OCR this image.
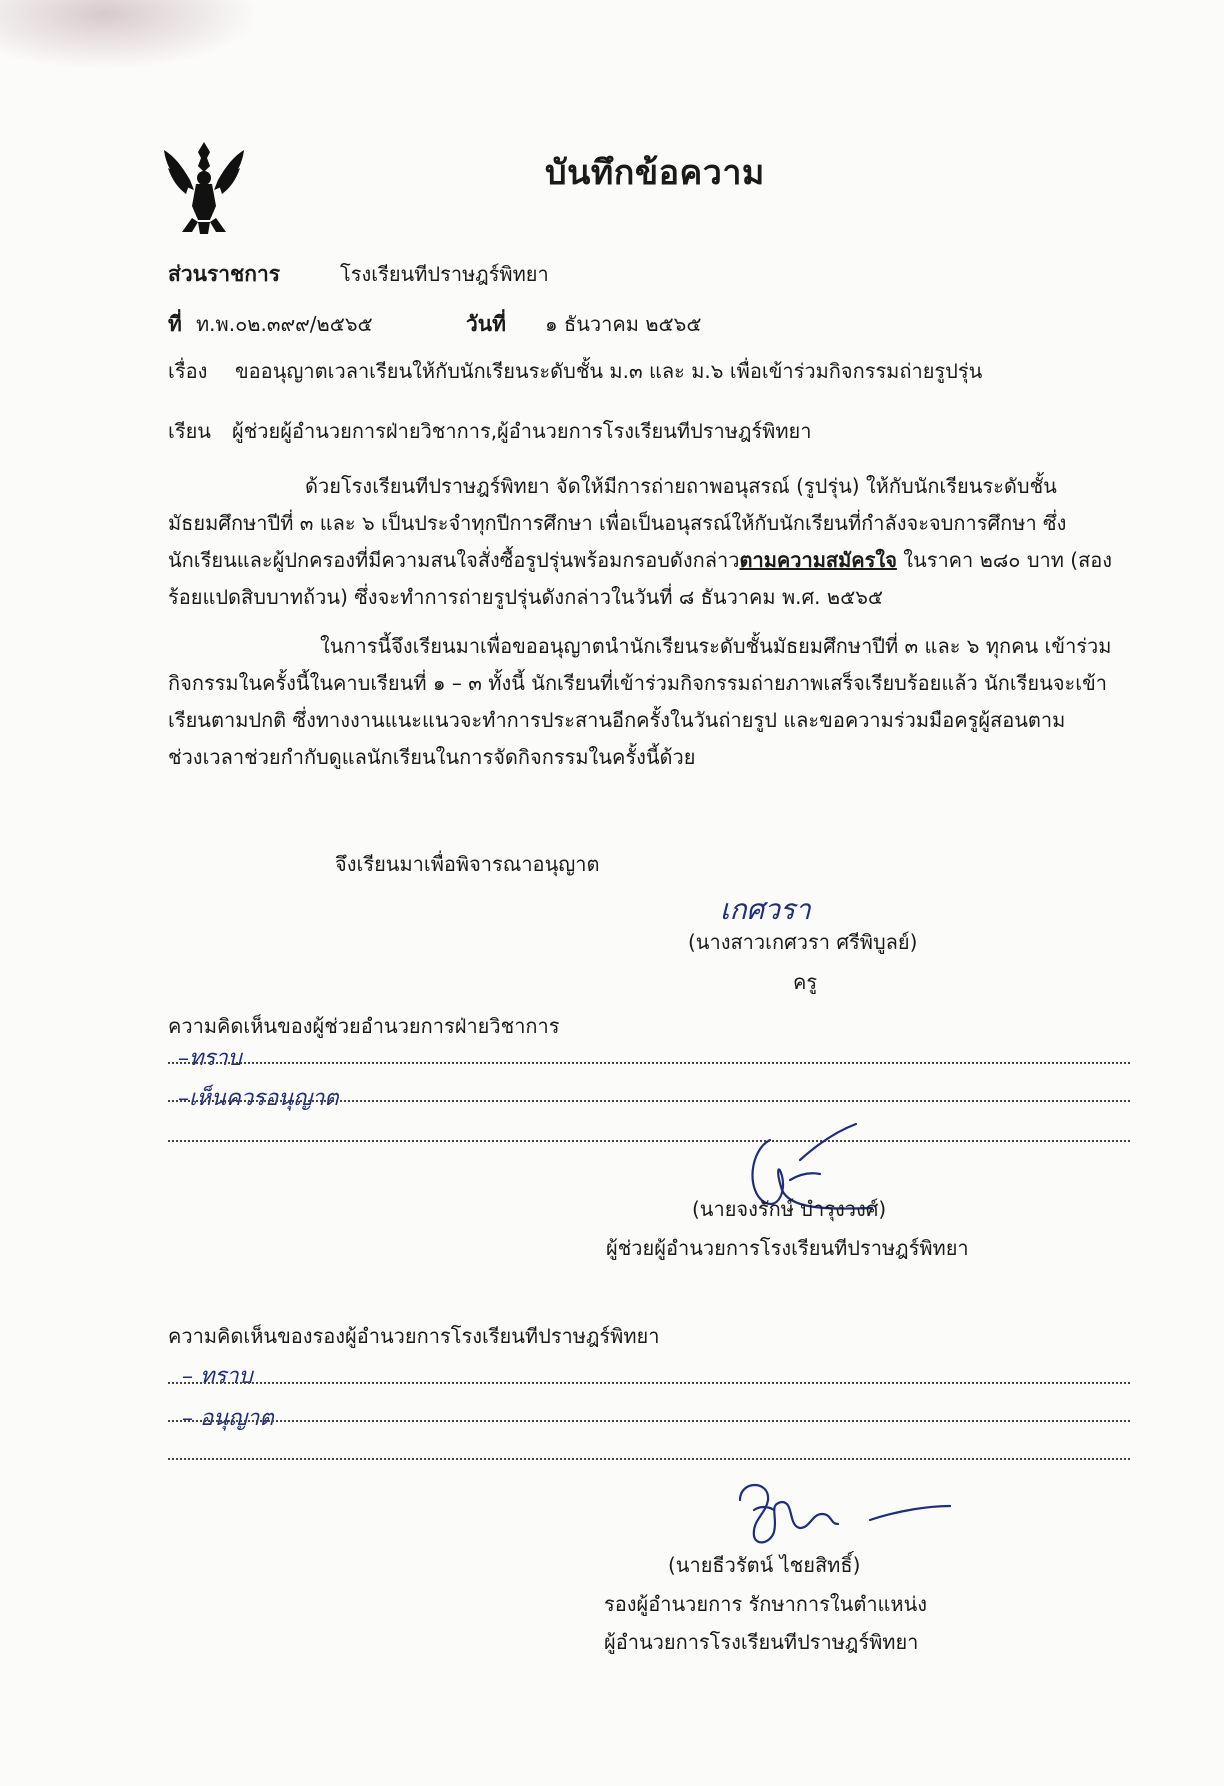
บันทึกข้อความ
ส่วนราชการ	โรงเรียนทีปราษฎร์พิทยา
ที่ ท.พ.๐๒.๓๙๙/๒๕๖๕	วันที่ ๑ ธันวาคม ๒๕๖๕
เรื่อง ขออนุญาตเวลาเรียนให้กับนักเรียนระดับชั้น ม.๓ และ ม.๖ เพื่อเข้าร่วมกิจกรรมถ่ายรูปรุ่น
เรียน ผู้ช่วยผู้อำนวยการฝ่ายวิชาการ,ผู้อำนวยการโรงเรียนทีปราษฎร์พิทยา
ด้วยโรงเรียนทีปราษฎร์พิทยา จัดให้มีการถ่ายถาพอนุสรณ์ (รูปรุ่น) ให้กับนักเรียนระดับชั้น
มัธยมศึกษาปีที่ ๓ และ ๖ เป็นประจำทุกปีการศึกษา เพื่อเป็นอนุสรณ์ให้กับนักเรียนที่กำลังจะจบการศึกษา ซึ่ง
นักเรียนและผู้ปกครองที่มีความสนใจสั่งซื้อรูปรุ่นพร้อมกรอบดังกล่าวตามความสมัครใจ ในราคา ๒๘๐ บาท (สอง
ร้อยแปดสิบบาทถ้วน) ซึ่งจะทำการถ่ายรูปรุ่นดังกล่าวในวันที่ ๘ ธันวาคม พ.ศ. ๒๕๖๕
ในการนี้จึงเรียนมาเพื่อขออนุญาตนำนักเรียนระดับชั้นมัธยมศึกษาปีที่ ๓ และ ๖ ทุกคน เข้าร่วม
กิจกรรมในครั้งนี้ในคาบเรียนที่ ๑ – ๓ ทั้งนี้ นักเรียนที่เข้าร่วมกิจกรรมถ่ายภาพเสร็จเรียบร้อยแล้ว นักเรียนจะเข้า
เรียนตามปกติ ซึ่งทางงานแนะแนวจะทำการประสานอีกครั้งในวันถ่ายรูป และขอความร่วมมือครูผู้สอนตาม
ช่วงเวลาช่วยกำกับดูแลนักเรียนในการจัดกิจกรรมในครั้งนี้ด้วย
จึงเรียนมาเพื่อพิจารณาอนุญาต
เกศวรา
(นางสาวเกศวรา ศรีพิบูลย์)
ครู
ความคิดเห็นของผู้ช่วยอำนวยการฝ่ายวิชาการ
–ทราบ
–เห็นควรอนุญาต
(นายจงรักษ์ บำรุงวงศ์)
ผู้ช่วยผู้อำนวยการโรงเรียนทีปราษฎร์พิทยา
ความคิดเห็นของรองผู้อำนวยการโรงเรียนทีปราษฎร์พิทยา
– ทราบ
– อนุญาต
(นายธีวรัตน์ ไชยสิทธิ์)
รองผู้อำนวยการ รักษาการในตำแหน่ง
ผู้อำนวยการโรงเรียนทีปราษฎร์พิทยา
